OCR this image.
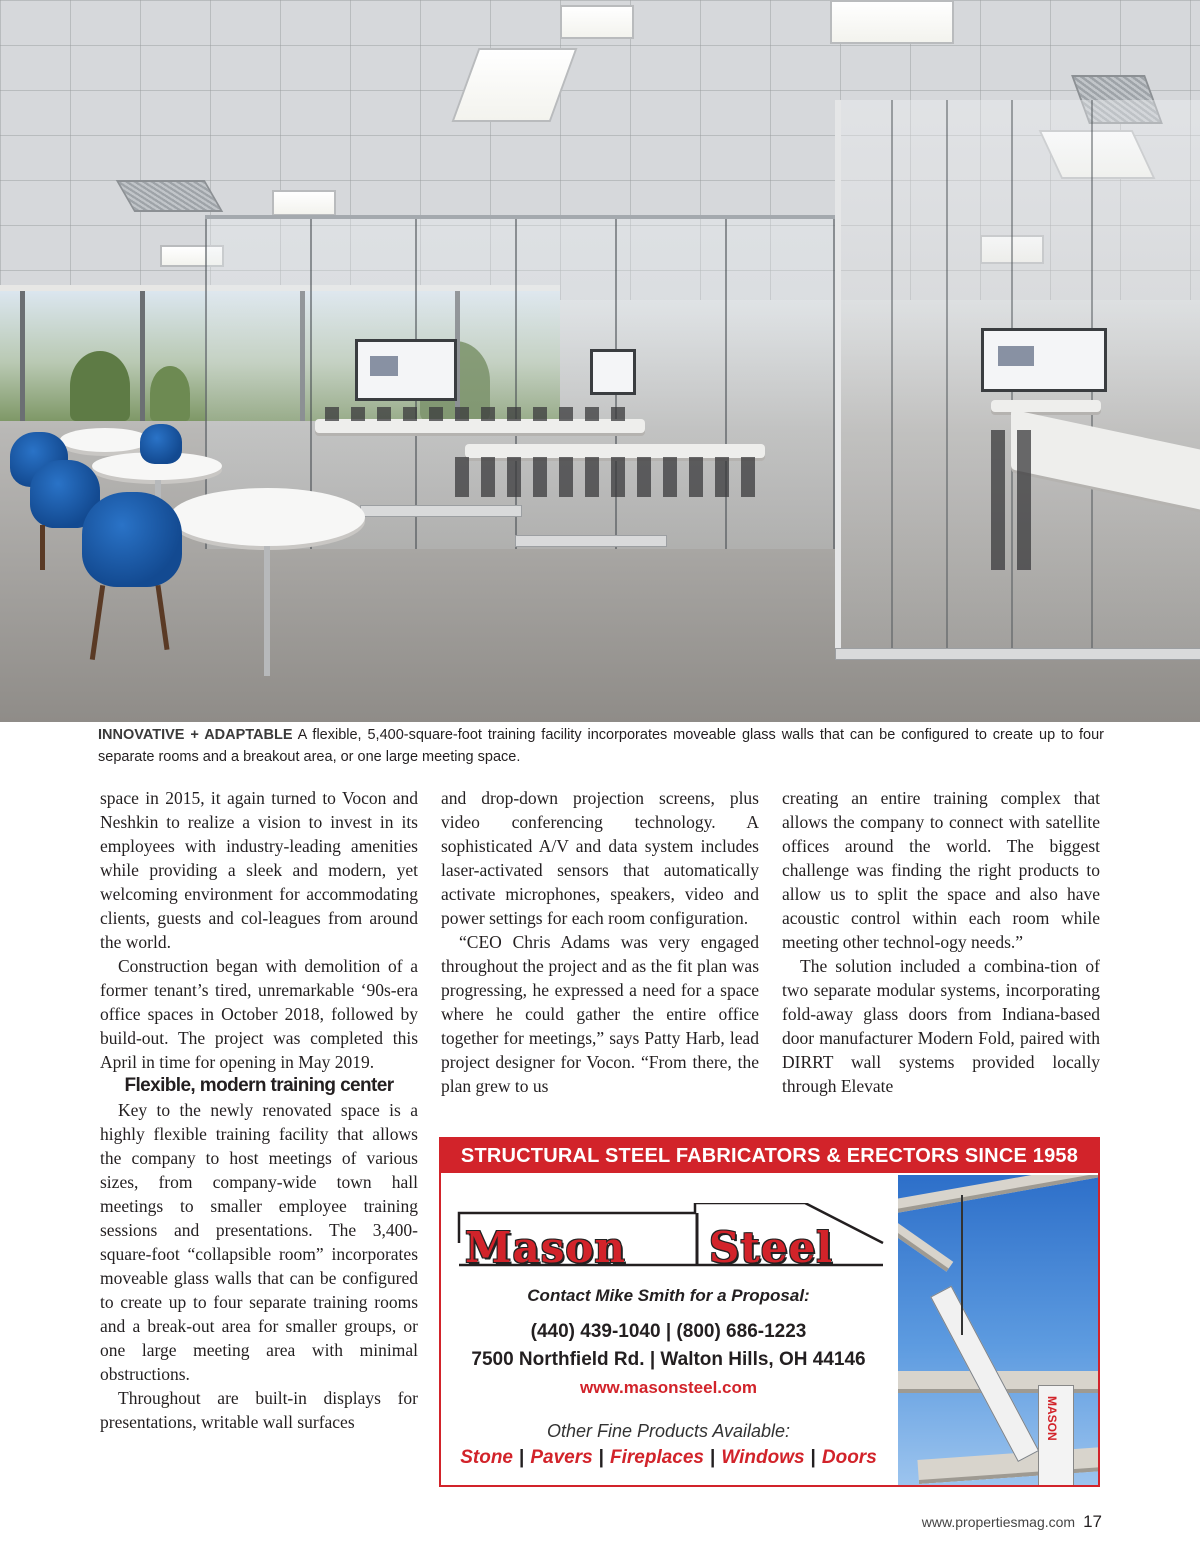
INNOVATIVE + ADAPTABLE A flexible, 5,400-square-foot training facility incorporates moveable glass walls that can be configured to create up to four separate rooms and a breakout area, or one large meeting space.

space in 2015, it again turned to Vocon and Neshkin to realize a vision to invest in its employees with industry-leading amenities while providing a sleek and modern, yet welcoming environment for accommodating clients, guests and col-leagues from around the world.

Construction began with demolition of a former tenant’s tired, unremarkable ‘90s-era office spaces in October 2018, followed by build-out. The project was completed this April in time for opening in May 2019.

Flexible, modern training center

Key to the newly renovated space is a highly flexible training facility that allows the company to host meetings of various sizes, from company-wide town hall meetings to smaller employee training sessions and presentations. The 3,400-square-foot “collapsible room” incorporates moveable glass walls that can be configured to create up to four separate training rooms and a break-out area for smaller groups, or one large meeting area with minimal obstructions.

Throughout are built-in displays for presentations, writable wall surfaces

and drop-down projection screens, plus video conferencing technology. A sophisticated A/V and data system includes laser-activated sensors that automatically activate microphones, speakers, video and power settings for each room configuration.

“CEO Chris Adams was very engaged throughout the project and as the fit plan was progressing, he expressed a need for a space where he could gather the entire office together for meetings,” says Patty Harb, lead project designer for Vocon. “From there, the plan grew to us

creating an entire training complex that allows the company to connect with satellite offices around the world. The biggest challenge was finding the right products to allow us to split the space and also have acoustic control within each room while meeting other technol-ogy needs.”

The solution included a combina-tion of two separate modular systems, incorporating fold-away glass doors from Indiana-based door manufacturer Modern Fold, paired with DIRRT wall systems provided locally through Elevate

STRUCTURAL STEEL FABRICATORS & ERECTORS SINCE 1958
Mason Steel
Contact Mike Smith for a Proposal:
(440) 439-1040 | (800) 686-1223
7500 Northfield Rd. | Walton Hills, OH 44146
www.masonsteel.com
Other Fine Products Available:
Stone | Pavers | Fireplaces | Windows | Doors
MASON
www.propertiesmag.com 17
